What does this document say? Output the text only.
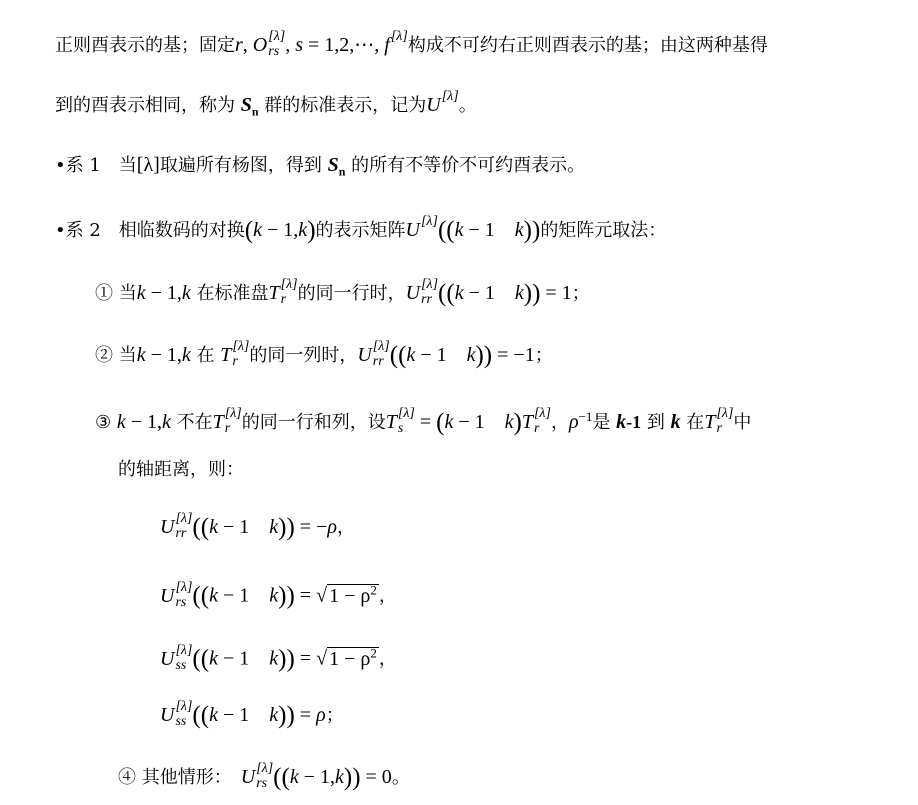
正则酉表示的基；固定r, O [λ]
rs , s = 1,2,⋯, f [λ]
构成不可约右正则酉表示的基；由这两种基得
到的酉表示相同，称为 $S_n$ 群的标准表示，记为U [λ]
。
•系 1　当[λ]取遍所有杨图，得到 $S_n$ 的所有不等价不可约酉表示。
•系 2　相临数码的对换(k − 1,k)的表示矩阵U [λ]
((k − 1　k))的矩阵元取法：
① 当k − 1,k 在标准盘T [λ]
r 的同一行时，U [λ]
rr ((k − 1　k)) = 1；
② 当k − 1,k 在 T [λ]
r 的同一列时，U [λ]
rr ((k − 1　k)) = −1；
③ k − 1,k 不在T [λ]
r 的同一行和列，设T [λ]
s = (k − 1　k)T [λ]
r ，$\rho^{-1}$是 k-1 到 k 在T [λ]
r 中
的轴距离，则：
U [λ]
rr ((k − 1　k)) = −ρ，
U [λ]
rs ((k − 1　k)) = √ $1 - \rho^2$ ，
U [λ]
ss ((k − 1　k)) = √ $1 - \rho^2$ ，
U [λ]
ss ((k − 1　k)) = ρ；
④ 其他情形：　U [λ]
rs ((k − 1,k)) = 0。
